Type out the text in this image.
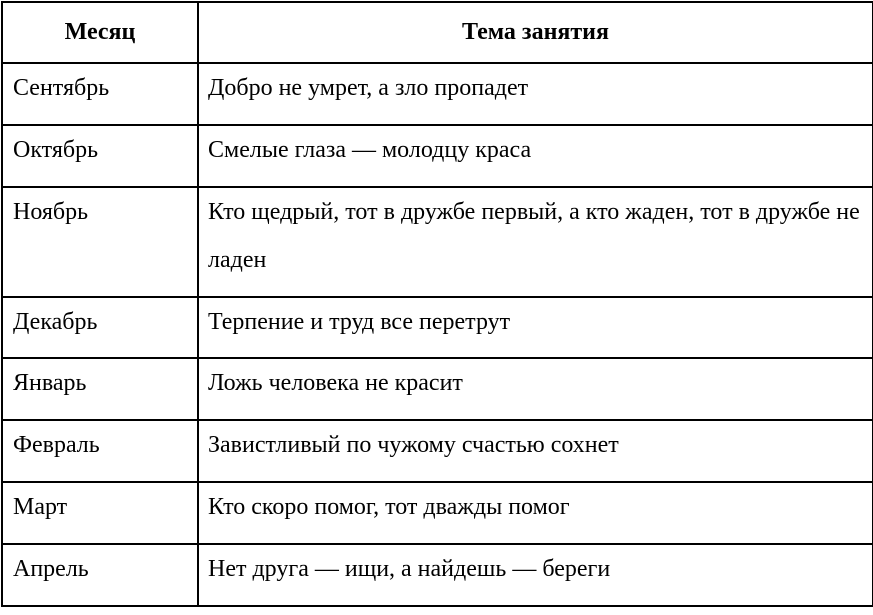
Месяц	Тема занятия

Сентябрь	Добро не умрет, а зло пропадет

Октябрь	Смелые глаза — молодцу краса

Ноябрь	Кто щедрый, тот в дружбе первый, а кто жаден, тот в дружбе не ладен

Декабрь	Терпение и труд все перетрут

Январь	Ложь человека не красит

Февраль	Завистливый по чужому счастью сохнет

Март	Кто скоро помог, тот дважды помог

Апрель	Нет друга — ищи, а найдешь — береги
